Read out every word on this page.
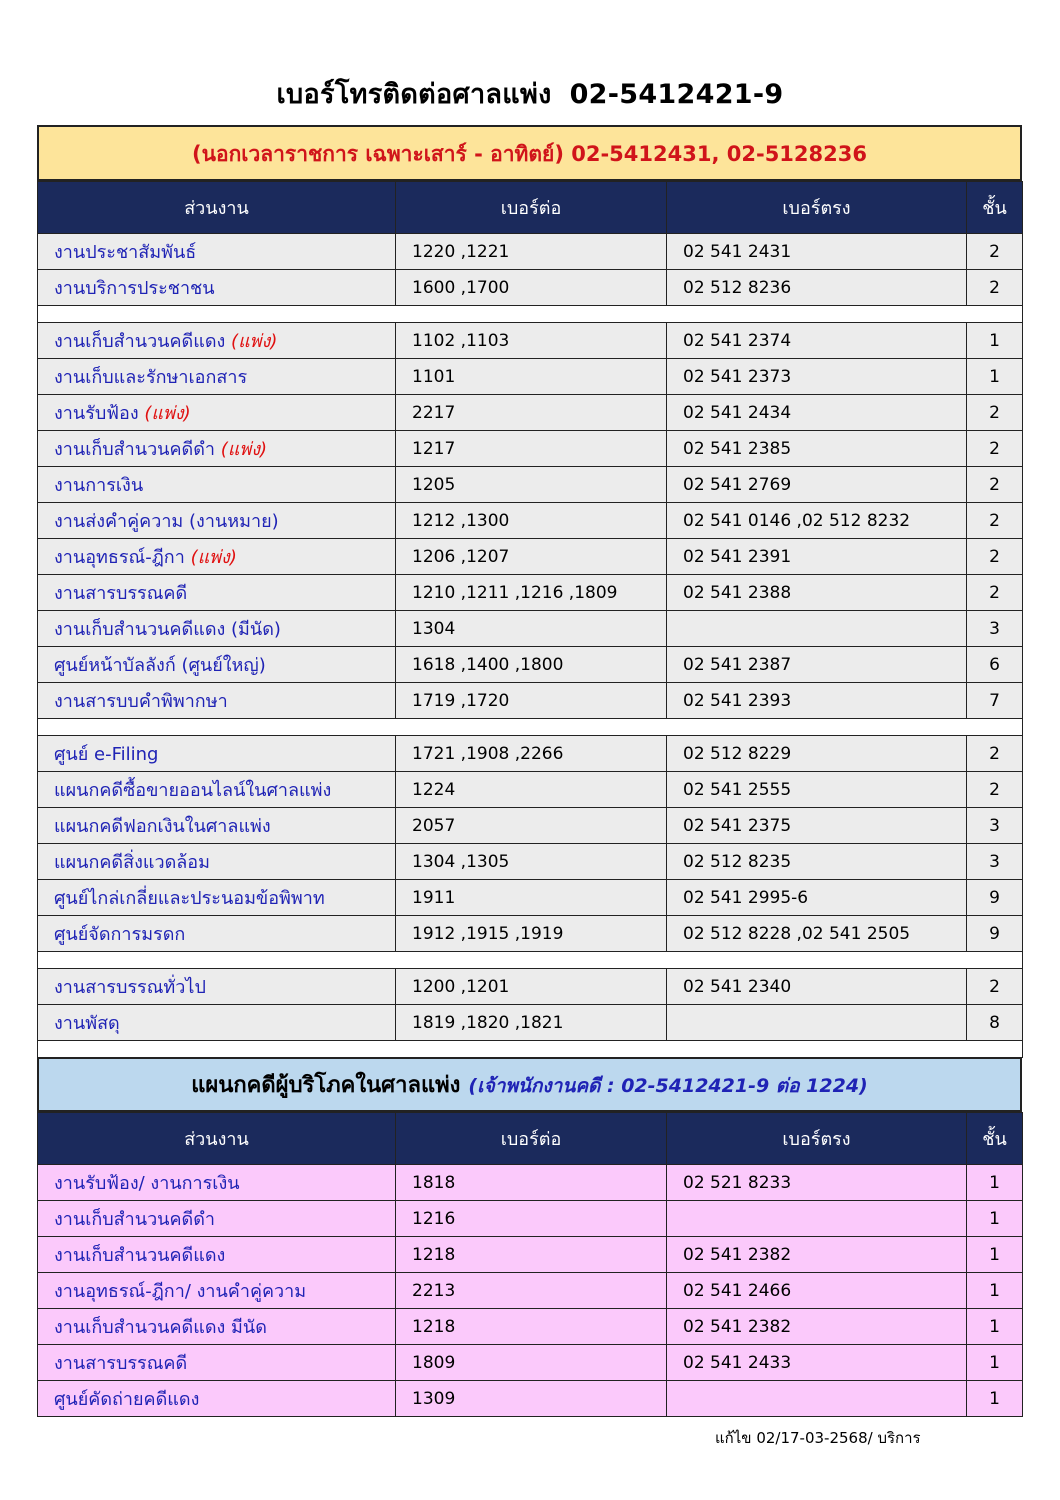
เบอร์โทรติดต่อศาลแพ่ง 02-5412421-9
(นอกเวลาราชการ เฉพาะเสาร์ - อาทิตย์) 02-5412431, 02-5128236
ส่วนงาน	เบอร์ต่อ	เบอร์ตรง	ชั้น
งานประชาสัมพันธ์	1220 ,1221	02 541 2431	2
งานบริการประชาชน	1600 ,1700	02 512 8236	2

งานเก็บสำนวนคดีแดง (แพ่ง)	1102 ,1103	02 541 2374	1
งานเก็บและรักษาเอกสาร	1101	02 541 2373	1
งานรับฟ้อง (แพ่ง)	2217	02 541 2434	2
งานเก็บสำนวนคดีดำ (แพ่ง)	1217	02 541 2385	2
งานการเงิน	1205	02 541 2769	2
งานส่งคำคู่ความ (งานหมาย)	1212 ,1300	02 541 0146 ,02 512 8232	2
งานอุทธรณ์-ฎีกา (แพ่ง)	1206 ,1207	02 541 2391	2
งานสารบรรณคดี	1210 ,1211 ,1216 ,1809	02 541 2388	2
งานเก็บสำนวนคดีแดง (มีนัด)	1304		3
ศูนย์หน้าบัลลังก์ (ศูนย์ใหญ่)	1618 ,1400 ,1800	02 541 2387	6
งานสารบบคำพิพากษา	1719 ,1720	02 541 2393	7

ศูนย์ e-Filing	1721 ,1908 ,2266	02 512 8229	2
แผนกคดีซื้อขายออนไลน์ในศาลแพ่ง	1224	02 541 2555	2
แผนกคดีฟอกเงินในศาลแพ่ง	2057	02 541 2375	3
แผนกคดีสิ่งแวดล้อม	1304 ,1305	02 512 8235	3
ศูนย์ไกล่เกลี่ยและประนอมข้อพิพาท	1911	02 541 2995-6	9
ศูนย์จัดการมรดก	1912 ,1915 ,1919	02 512 8228 ,02 541 2505	9

งานสารบรรณทั่วไป	1200 ,1201	02 541 2340	2
งานพัสดุ	1819 ,1820 ,1821		8

แผนกคดีผู้บริโภคในศาลแพ่ง (เจ้าพนักงานคดี : 02-5412421-9 ต่อ 1224)
ส่วนงาน	เบอร์ต่อ	เบอร์ตรง	ชั้น
งานรับฟ้อง/ งานการเงิน	1818	02 521 8233	1
งานเก็บสำนวนคดีดำ	1216		1
งานเก็บสำนวนคดีแดง	1218	02 541 2382	1
งานอุทธรณ์-ฎีกา/ งานคำคู่ความ	2213	02 541 2466	1
งานเก็บสำนวนคดีแดง มีนัด	1218	02 541 2382	1
งานสารบรรณคดี	1809	02 541 2433	1
ศูนย์คัดถ่ายคดีแดง	1309		1
แก้ไข 02/17-03-2568/ บริการ
